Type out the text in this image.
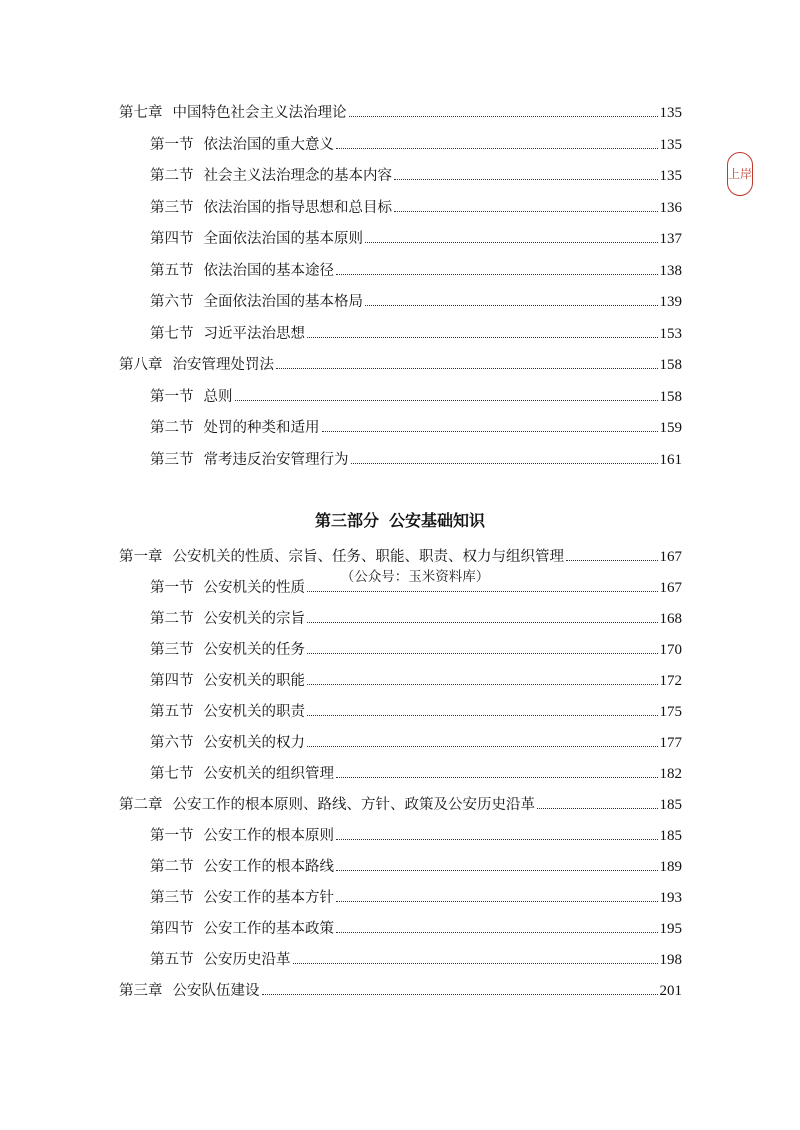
上岸
第七章 中国特色社会主义法治理论	135
第一节 依法治国的重大意义	135
第二节 社会主义法治理念的基本内容	135
第三节 依法治国的指导思想和总目标	136
第四节 全面依法治国的基本原则	137
第五节 依法治国的基本途径	138
第六节 全面依法治国的基本格局	139
第七节 习近平法治思想	153
第八章 治安管理处罚法	158
第一节 总则	158
第二节 处罚的种类和适用	159
第三节 常考违反治安管理行为	161
第三部分 公安基础知识
第一章 公安机关的性质、宗旨、任务、职能、职责、权力与组织管理	167
第一节 公安机关的性质	167
第二节 公安机关的宗旨	168
第三节 公安机关的任务	170
第四节 公安机关的职能	172
第五节 公安机关的职责	175
第六节 公安机关的权力	177
第七节 公安机关的组织管理	182
第二章 公安工作的根本原则、路线、方针、政策及公安历史沿革	185
第一节 公安工作的根本原则	185
第二节 公安工作的根本路线	189
第三节 公安工作的基本方针	193
第四节 公安工作的基本政策	195
第五节 公安历史沿革	198
第三章 公安队伍建设	201
（公众号：玉米资料库）
